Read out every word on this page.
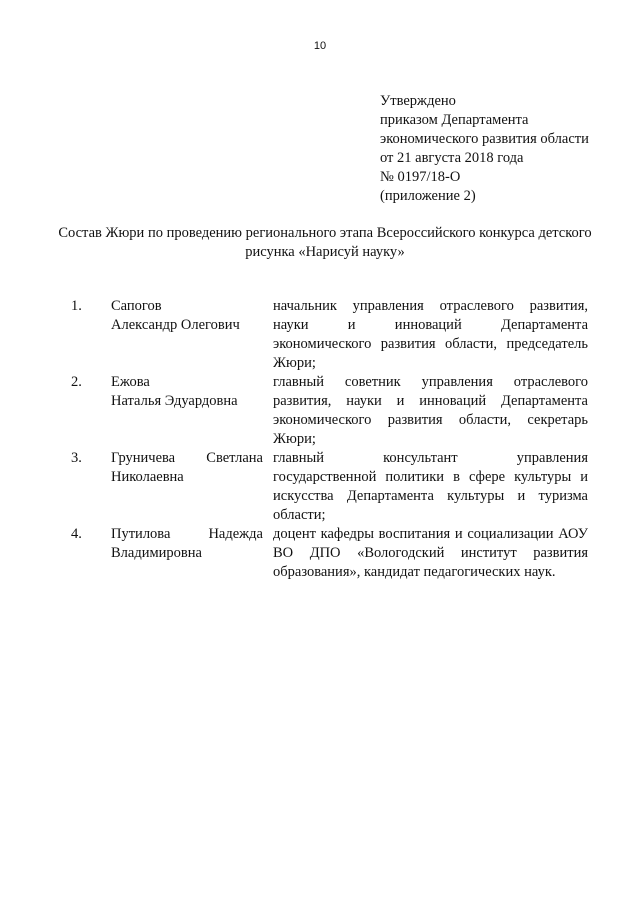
10
Утверждено
приказом Департамента
экономического развития области
от 21 августа 2018 года
№ 0197/18-О
(приложение 2)
Состав Жюри по проведению регионального этапа Всероссийского конкурса детского
рисунка «Нарисуй науку»
1. Сапогов
Александр Олегович
начальник управления отраслевого развития,
науки и инноваций Департамента
экономического развития области, председатель
Жюри;
2. Ежова
Наталья Эдуардовна
главный советник управления отраслевого
развития, науки и инноваций Департамента
экономического развития области, секретарь
Жюри;
3. Груничева Светлана
Николаевна
главный консультант управления
государственной политики в сфере культуры и
искусства Департамента культуры и туризма
области;
4. Путилова Надежда
Владимировна
доцент кафедры воспитания и социализации АОУ
ВО ДПО «Вологодский институт развития
образования», кандидат педагогических наук.
